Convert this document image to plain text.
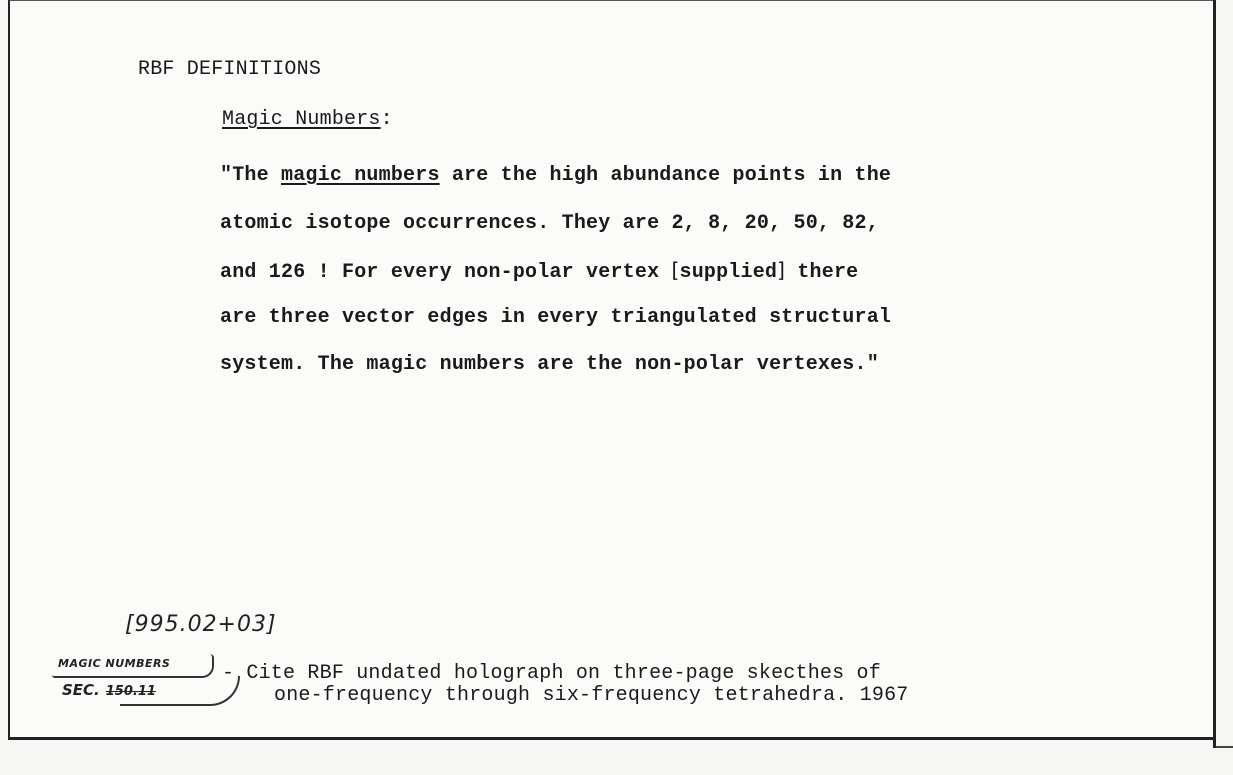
RBF DEFINITIONS
Magic Numbers:
"The magic numbers are the high abundance points in the
atomic isotope occurrences. They are 2, 8, 20, 50, 82,
and 126 ! For every non-polar vertex [supplied] there
are three vector edges in every triangulated structural
system. The magic numbers are the non-polar vertexes."
[995.02+03]
MAGIC NUMBERS
SEC. 150.11
- Cite RBF undated holograph on three-page skecthes of
one-frequency through six-frequency tetrahedra. 1967
